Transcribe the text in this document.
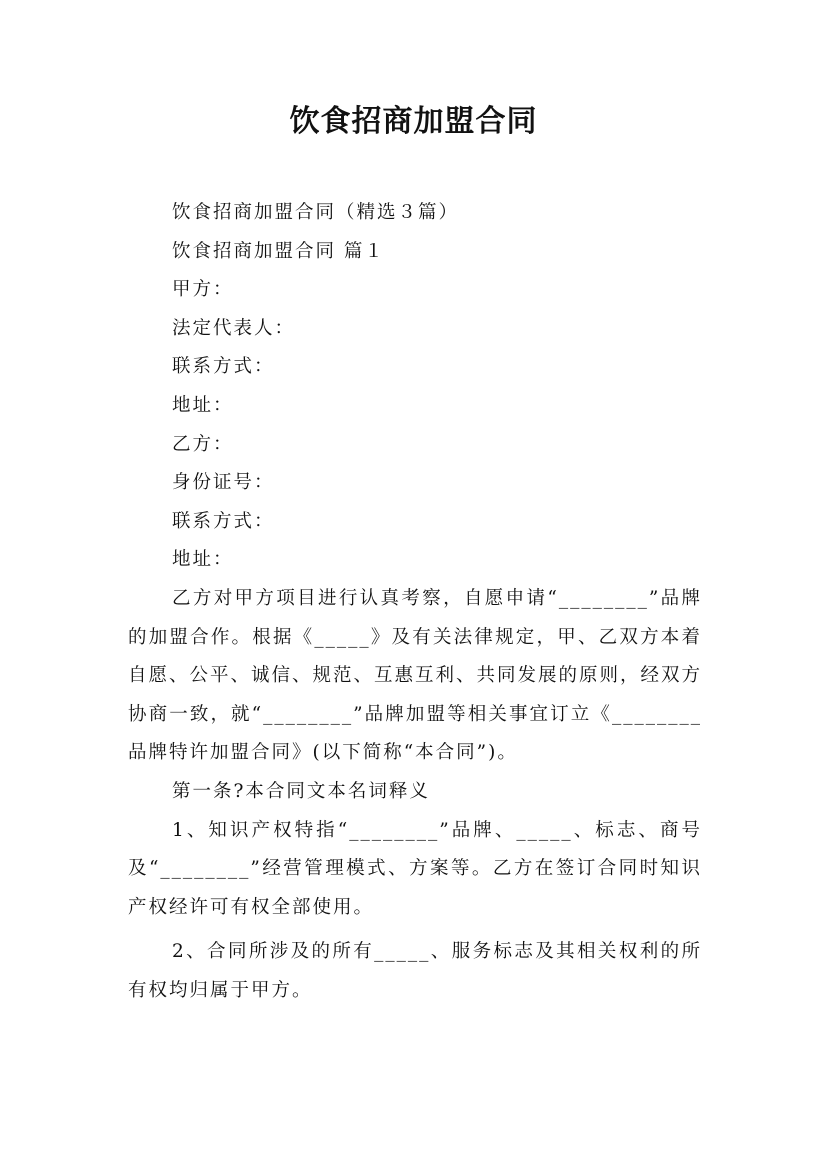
饮食招商加盟合同
饮食招商加盟合同（精选３篇）
饮食招商加盟合同 篇１
甲方：
法定代表人：
联系方式：
地址：
乙方：
身份证号：
联系方式：
地址：
乙方对甲方项目进行认真考察，自愿申请“________”品牌的加盟合作。根据《_____》及有关法律规定，甲、乙双方本着自愿、公平、诚信、规范、互惠互利、共同发展的原则，经双方协商一致，就“________”品牌加盟等相关事宜订立《________品牌特许加盟合同》(以下简称“本合同”)。
第一条?本合同文本名词释义
1、知识产权特指“________”品牌、_____、标志、商号及“________”经营管理模式、方案等。乙方在签订合同时知识产权经许可有权全部使用。
2、合同所涉及的所有_____、服务标志及其相关权利的所有权均归属于甲方。
